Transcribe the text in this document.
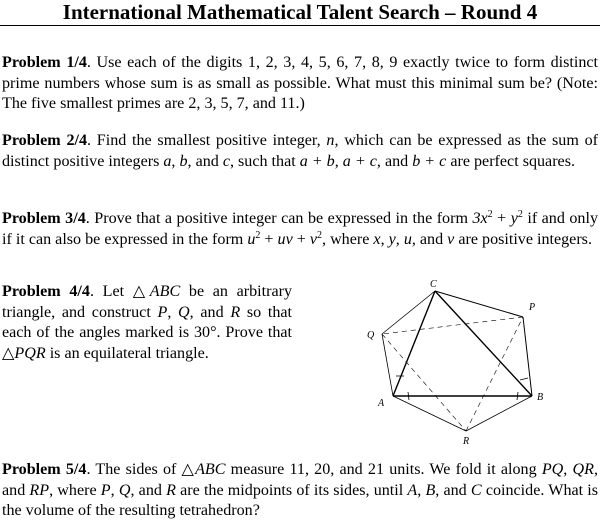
International Mathematical Talent Search – Round 4

Problem 1/4. Use each of the digits 1, 2, 3, 4, 5, 6, 7, 8, 9 exactly twice to form distinct prime numbers whose sum is as small as possible. What must this minimal sum be? (Note: The five smallest primes are 2, 3, 5, 7, and 11.)

Problem 2/4. Find the smallest positive integer, n, which can be expressed as the sum of distinct positive integers a, b, and c, such that a + b, a + c, and b + c are perfect squares.

Problem 3/4. Prove that a positive integer can be expressed in the form $3x^2 + y^2$ if and only if it can also be expressed in the form $u^2$ + uv + $v^2$, where x, y, u, and v are positive integers.

Problem 4/4. Let △ABC be an arbitrary triangle, and construct P, Q, and R so that each of the angles marked is 30°. Prove that △PQR is an equilateral triangle.

A
B
C
P
Q
R

Problem 5/4. The sides of △ABC measure 11, 20, and 21 units. We fold it along PQ, QR, and RP, where P, Q, and R are the midpoints of its sides, until A, B, and C coincide. What is the volume of the resulting tetrahedron?
